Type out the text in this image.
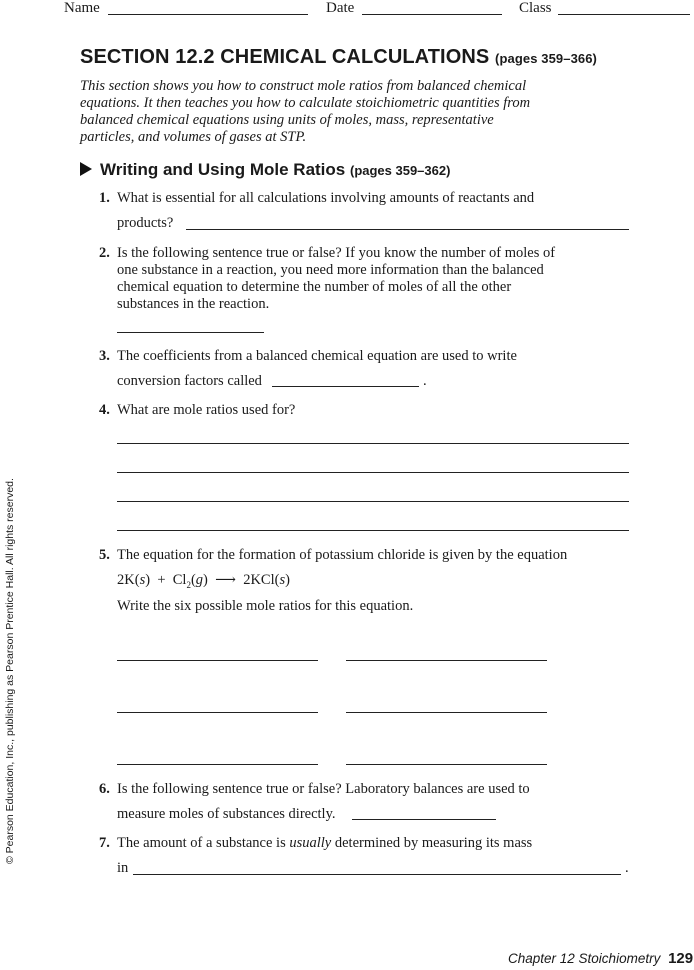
Name	Date	Class
SECTION 12.2 CHEMICAL CALCULATIONS (pages 359–366)
This section shows you how to construct mole ratios from balanced chemical equations. It then teaches you how to calculate stoichiometric quantities from balanced chemical equations using units of moles, mass, representative particles, and volumes of gases at STP.
Writing and Using Mole Ratios (pages 359–362)
1. What is essential for all calculations involving amounts of reactants and
products?
2. Is the following sentence true or false? If you know the number of moles of one substance in a reaction, you need more information than the balanced chemical equation to determine the number of moles of all the other substances in the reaction.
3. The coefficients from a balanced chemical equation are used to write
conversion factors called	.
4. What are mole ratios used for?
5. The equation for the formation of potassium chloride is given by the equation
$2K(s) + Cl_2(g)$ ⟶ 2KCl(s)
Write the six possible mole ratios for this equation.
6. Is the following sentence true or false? Laboratory balances are used to
measure moles of substances directly.
7. The amount of a substance is usually determined by measuring its mass
in	.
© Pearson Education, Inc., publishing as Pearson Prentice Hall. All rights reserved.
Chapter 12 Stoichiometry 129
